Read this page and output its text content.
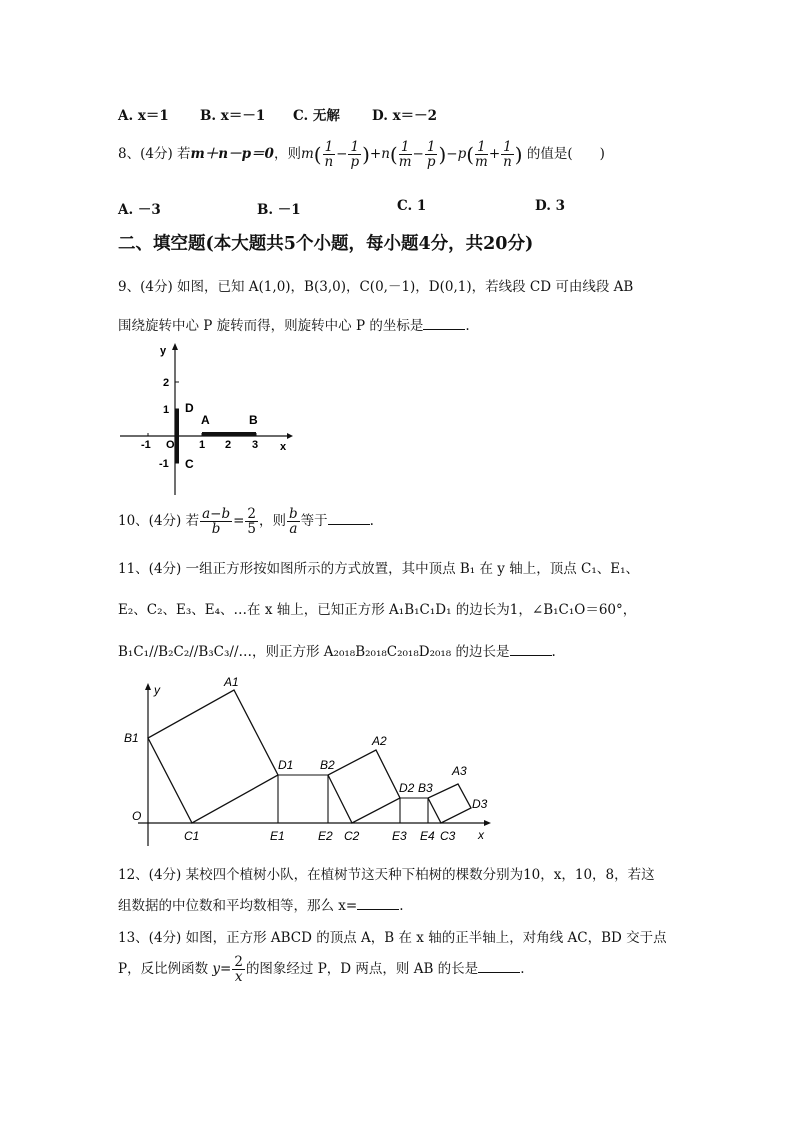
A. x＝1 B. x＝－1 C. 无解 D. x＝－2
8、(4分) 若m＋n－p＝0，则$m( \frac{1}{n} - \frac{1}{p} )+n( \frac{1}{m} - \frac{1}{p} )-p( \frac{1}{m} + \frac{1}{n}$ ) 的值是(　　)
A. －3	B. －1	C. 1	D. 3
二、填空题(本大题共5个小题，每小题4分，共20分)
9、(4分) 如图，已知 A(1,0)，B(3,0)，C(0,－1)，D(0,1)，若线段 CD 可由线段 AB
围绕旋转中心 P 旋转而得，则旋转中心 P 的坐标是	.
y
x
O
-1	1 2 3
2
1
-1
A	B
C
D
10、(4分) 若 $\frac{a-b}{b} = \frac{2}{5}$ ，则 $\frac{b}{a}$ 等于	.
11、(4分) 一组正方形按如图所示的方式放置，其中顶点 B₁ 在 y 轴上，顶点 C₁、E₁、
E₂、C₂、E₃、E₄、…在 x 轴上，已知正方形 A₁B₁C₁D₁ 的边长为1，∠B₁C₁O＝60°，
B₁C₁//B₂C₂//B₃C₃//…，则正方形 A₂₀₁₈B₂₀₁₈C₂₀₁₈D₂₀₁₈ 的边长是	.
y
x
O
A1
B1
C1
D1
E1
A2
B2
C2
D2
E2
A3
B3
C3
D3
E3 E4
12、(4分) 某校四个植树小队，在植树节这天种下柏树的棵数分别为10，x，10，8，若这
组数据的中位数和平均数相等，那么 x=	.
13、(4分) 如图，正方形 ABCD 的顶点 A，B 在 x 轴的正半轴上，对角线 AC，BD 交于点
P，反比例函数 $y= \frac{2}{x}$ 的图象经过 P，D 两点，则 AB 的长是	.
